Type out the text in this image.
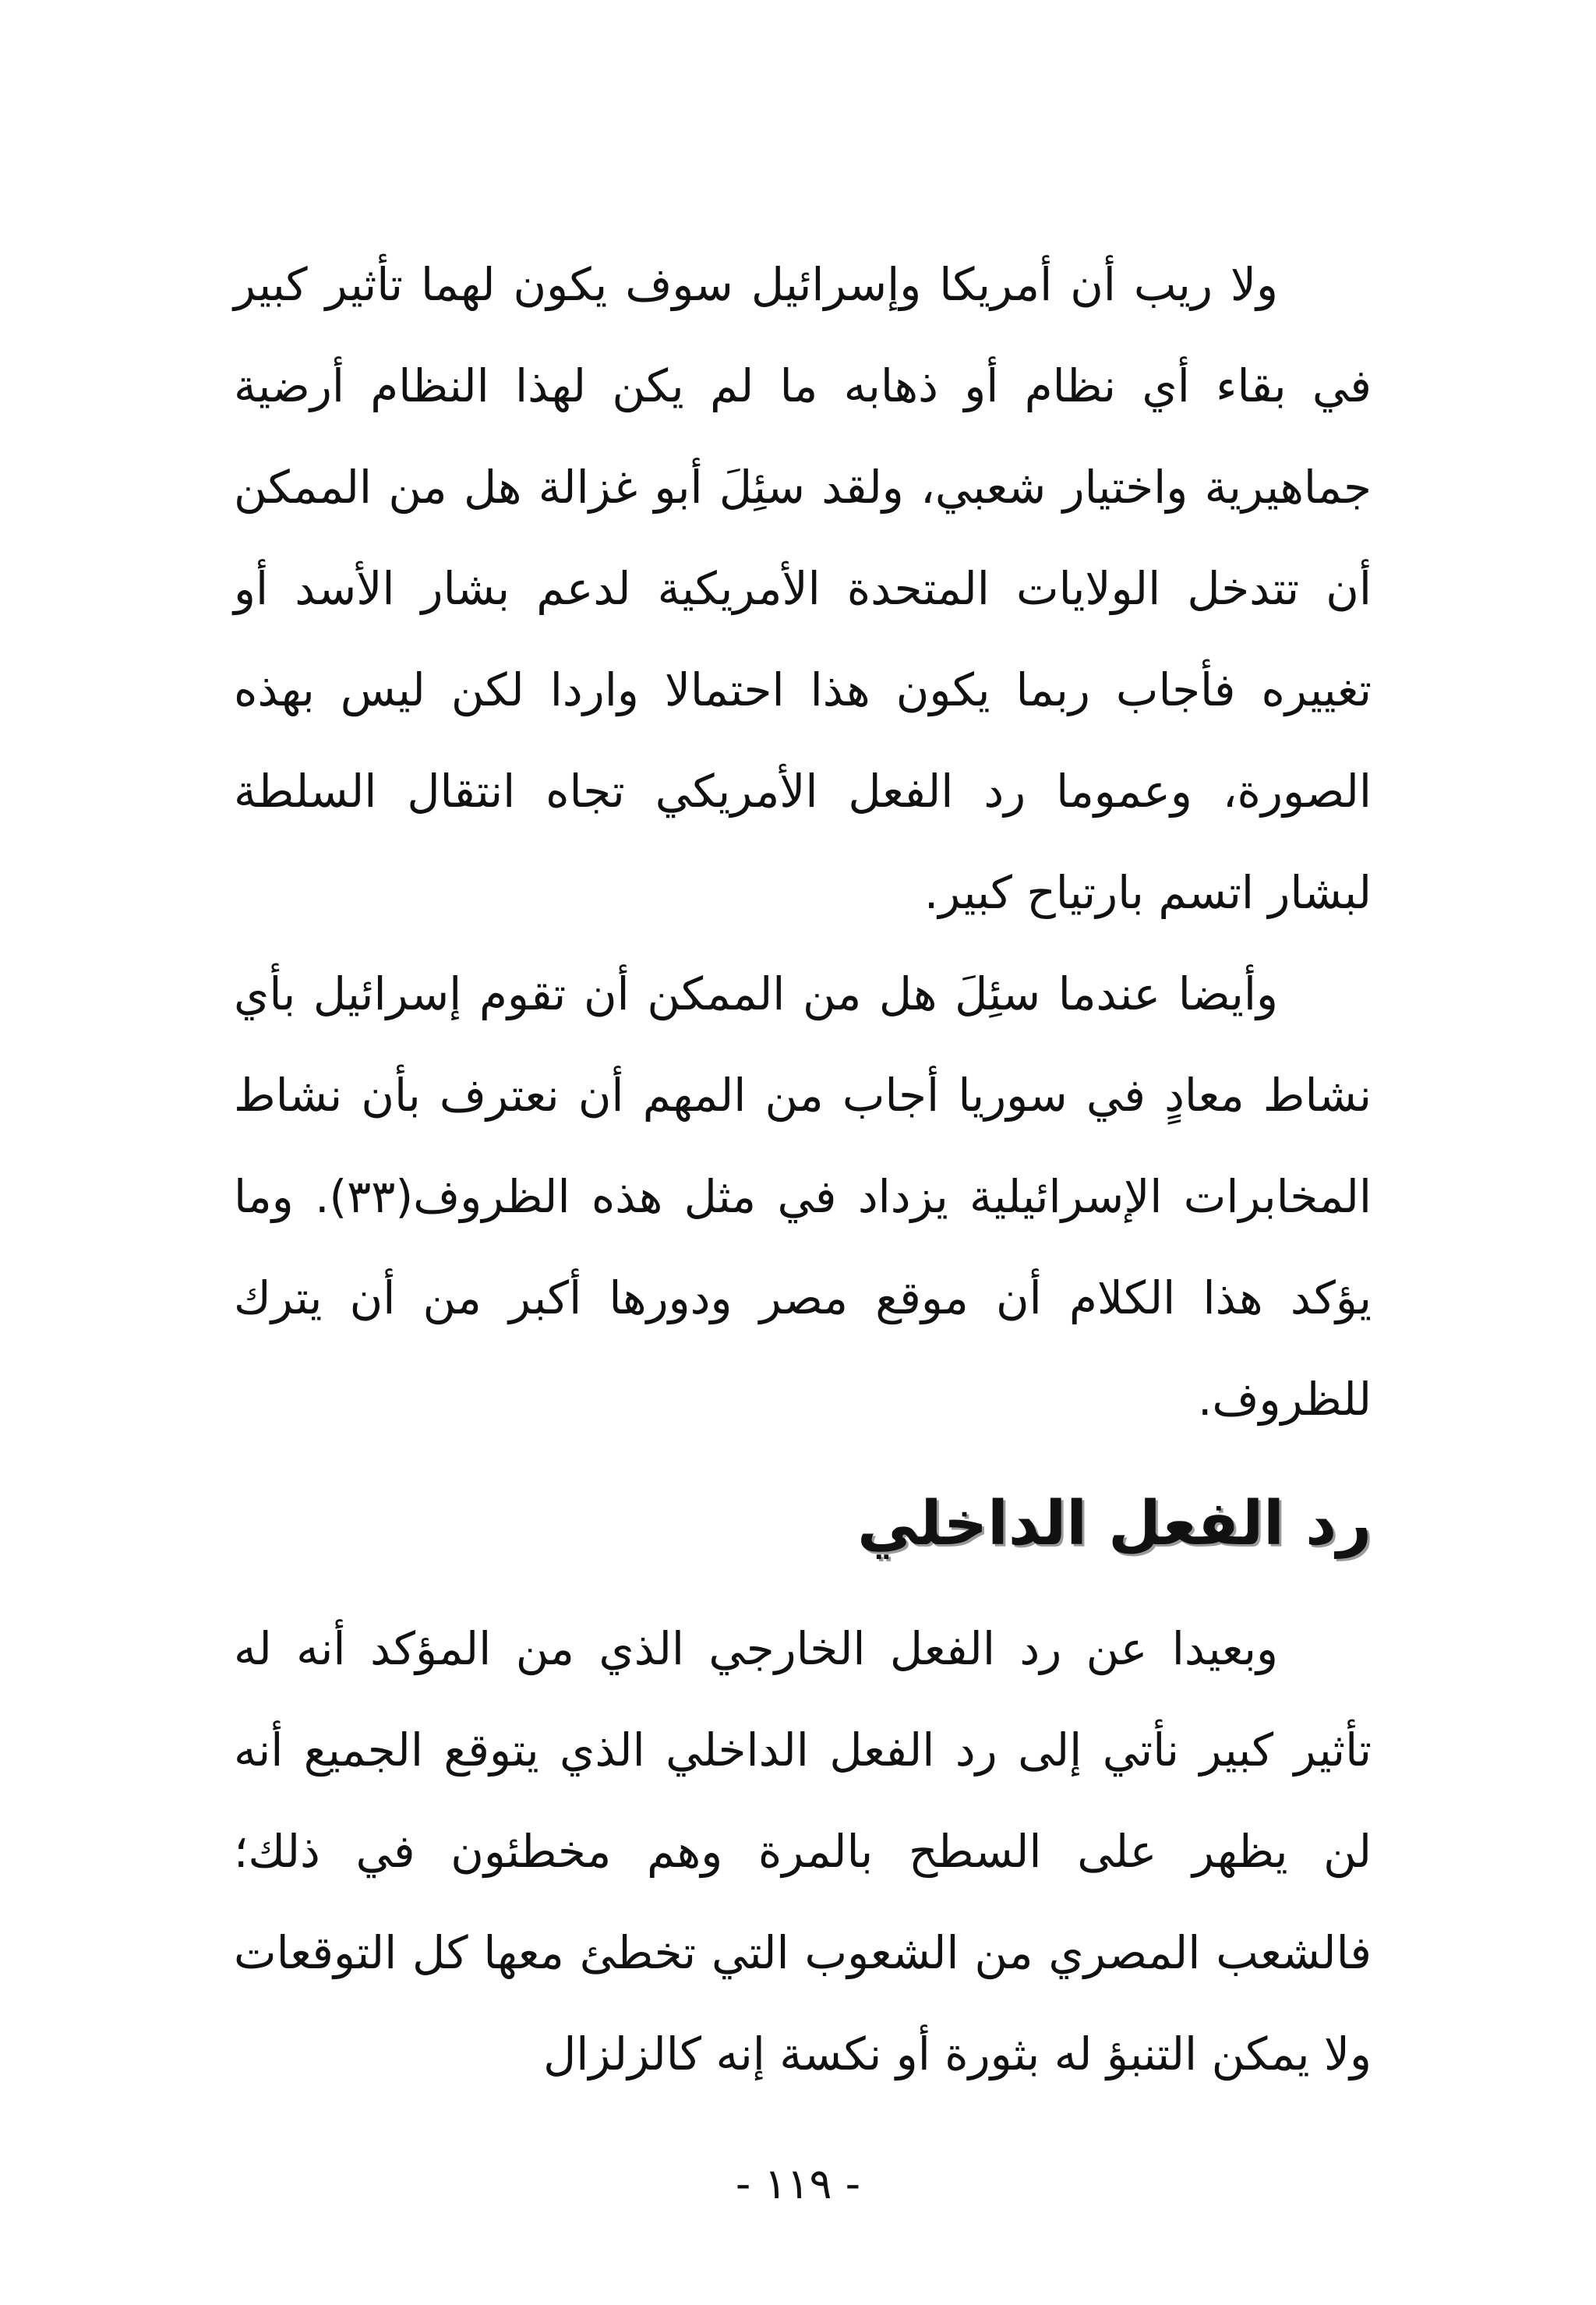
ولا ريب أن أمريكا وإسرائيل سوف يكون لهما تأثير كبير في بقاء أي نظام أو ذهابه ما لم يكن لهذا النظام أرضية جماهيرية واختيار شعبي، ولقد سئِلَ أبو غزالة هل من الممكن أن تتدخل الولايات المتحدة الأمريكية لدعم بشار الأسد أو تغييره فأجاب ربما يكون هذا احتمالا واردا لكن ليس بهذه الصورة، وعموما رد الفعل الأمريكي تجاه انتقال السلطة لبشار اتسم بارتياح كبير.

وأيضا عندما سئِلَ هل من الممكن أن تقوم إسرائيل بأي نشاط معادٍ في سوريا أجاب من المهم أن نعترف بأن نشاط المخابرات الإسرائيلية يزداد في مثل هذه الظروف(٣٣). وما يؤكد هذا الكلام أن موقع مصر ودورها أكبر من أن يترك للظروف.

رد الفعل الداخلي

وبعيدا عن رد الفعل الخارجي الذي من المؤكد أنه له تأثير كبير نأتي إلى رد الفعل الداخلي الذي يتوقع الجميع أنه لن يظهر على السطح بالمرة وهم مخطئون في ذلك؛ فالشعب المصري من الشعوب التي تخطئ معها كل التوقعات ولا يمكن التنبؤ له بثورة أو نكسة إنه كالزلزال

- ١١٩ -
